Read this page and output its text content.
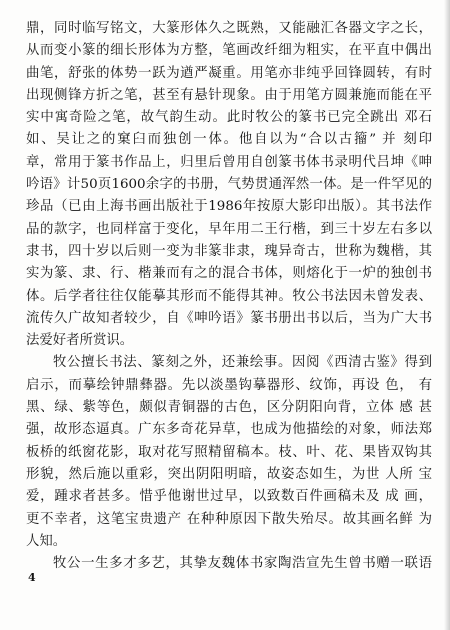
鼎，同时临写铭文，大篆形体久之既熟，又能融汇各器文字之长，
从而变小篆的细长形体为方整，笔画改纤细为粗实，在平直中偶出
曲笔，舒张的体势一跃为遒严凝重。用笔亦非纯乎回锋圆转，有时
出现侧锋方折之笔，甚至有悬针现象。由于用笔方圆兼施而能在平
实中寓奇险之笔，故气韵生动。此时牧公的篆书已完全跳出 邓石
如、吴让之的窠臼而独创一体。他自以为“合以古籀” 并 刻印
章，常用于篆书作品上，归里后曾用自创篆书体书录明代吕坤《呻
吟语》计50页1600余字的书册，气势贯通浑然一体。是一件罕见的
珍品（已由上海书画出版社于1986年按原大影印出版）。其书法作
品的款字，也同样富于变化，早年用二王行楷，到三十岁左右多以
隶书，四十岁以后则一变为非篆非隶，瑰异奇古，世称为魏楷，其
实为篆、隶、行、楷兼而有之的混合书体，则熔化于一炉的独创书
体。后学者往往仅能摹其形而不能得其神。牧公书法因未曾发表、
流传久广故知者较少，自《呻吟语》篆书册出书以后，当为广大书
法爱好者所赏识。
牧公擅长书法、篆刻之外，还兼绘事。因阅《西清古鉴》得到
启示，而摹绘钟鼎彝器。先以淡墨钩摹器形、纹饰，再设 色， 有
黑、绿、紫等色，颇似青铜器的古色，区分阴阳向背，立体 感 甚
强，故形态逼真。广东多奇花异草，也成为他描绘的对象，师法郑
板桥的纸窗花影，取对花写照精留稿本。枝、叶、花、果皆双钩其
形貌，然后施以重彩，突出阴阳明暗，故姿态如生，为世 人所 宝
爱，踵求者甚多。惜乎他谢世过早，以致数百件画稿未及 成 画，
更不幸者，这笔宝贵遗产 在种种原因下散失殆尽。故其画名鲜 为
人知。
牧公一生多才多艺，其挚友魏体书家陶浩宣先生曾书赠一联语
4
